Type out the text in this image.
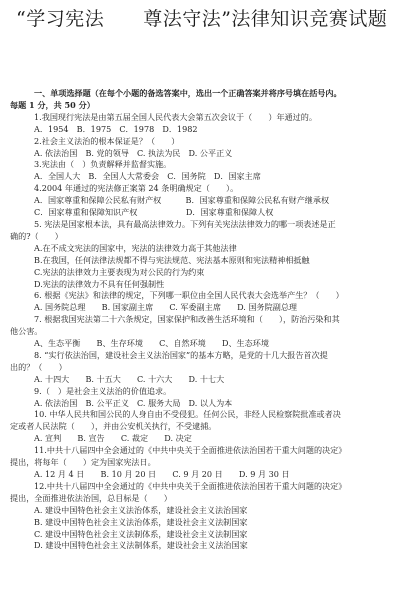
“学习宪法　　尊法守法”法律知识竞赛试题
一、单项选择题（在每个小题的备选答案中，选出一个正确答案并将序号填在括号内。
每题 1 分，共 50 分）
1.我国现行宪法是由第五届全国人民代表大会第五次会议于（　　）年通过的。
A．1954　B．1975　C．1978　D．1982
2.社会主义法治的根本保证是？（　　）
A. 依法治国　B. 党的领导　C. 执法为民　D. 公平正义
3.宪法由（　）负责解释并监督实施。
A．全国人大　B．全国人大常委会　C．国务院　D．国家主席
4.2004 年通过的宪法修正案第 24 条明确规定（　　）。
A．国家尊重和保障公民私有财产权　　　B．国家尊重和保障公民私有财产继承权
C．国家尊重和保障知识产权　　　　　　D．国家尊重和保障人权
5. 宪法是国家根本法，具有最高法律效力。下列有关宪法法律效力的哪一项表述是正
确的?（　　）
A.在不成文宪法的国家中，宪法的法律效力高于其他法律
B.在我国，任何法律法规都不得与宪法规范、宪法基本原则和宪法精神相抵触
C.宪法的法律效力主要表现为对公民的行为约束
D.宪法的法律效力不具有任何强制性
6. 根据《宪法》和法律的规定，下列哪一职位由全国人民代表大会选举产生？（　　）
A. 国务院总理　　B. 国家副主席　　C. 军委副主席　　D. 国务院副总理
7. 根据我国宪法第二十六条规定，国家保护和改善生活环境和（　　），防治污染和其
他公害。
A、生态平衡　　B、生存环境　　C、自然环境　　D、生态环境
8. “实行依法治国，建设社会主义法治国家”的基本方略，是党的十几大报告首次提
出的？（　　）
A. 十四大　　B. 十五大　　C. 十六大　　D. 十七大
9.（　）是社会主义法治的价值追求。
A. 依法治国　B. 公平正义　C. 服务大局　D. 以人为本
10. 中华人民共和国公民的人身自由不受侵犯。任何公民，非经人民检察院批准或者决
定或者人民法院（　　），并由公安机关执行，不受逮捕。
A. 宣判　　B. 宣告　　C. 裁定　　D. 决定
11.中共十八届四中全会通过的《中共中央关于全面推进依法治国若干重大问题的决定》
提出，将每年（　　）定为国家宪法日。
A. 12 月 4 日　　B. 10 月 20 日　　C. 9 月 20 日　　D. 9 月 30 日
12.中共十八届四中全会通过的《中共中央关于全面推进依法治国若干重大问题的决定》
提出，全面推进依法治国，总目标是（　　）
A. 建设中国特色社会主义法治体系，建设社会主义法治国家
B. 建设中国特色社会主义法治体系，建设社会主义法制国家
C. 建设中国特色社会主义法制体系，建设社会主义法制国家
D. 建设中国特色社会主义法制体系，建设社会主义法治国家
